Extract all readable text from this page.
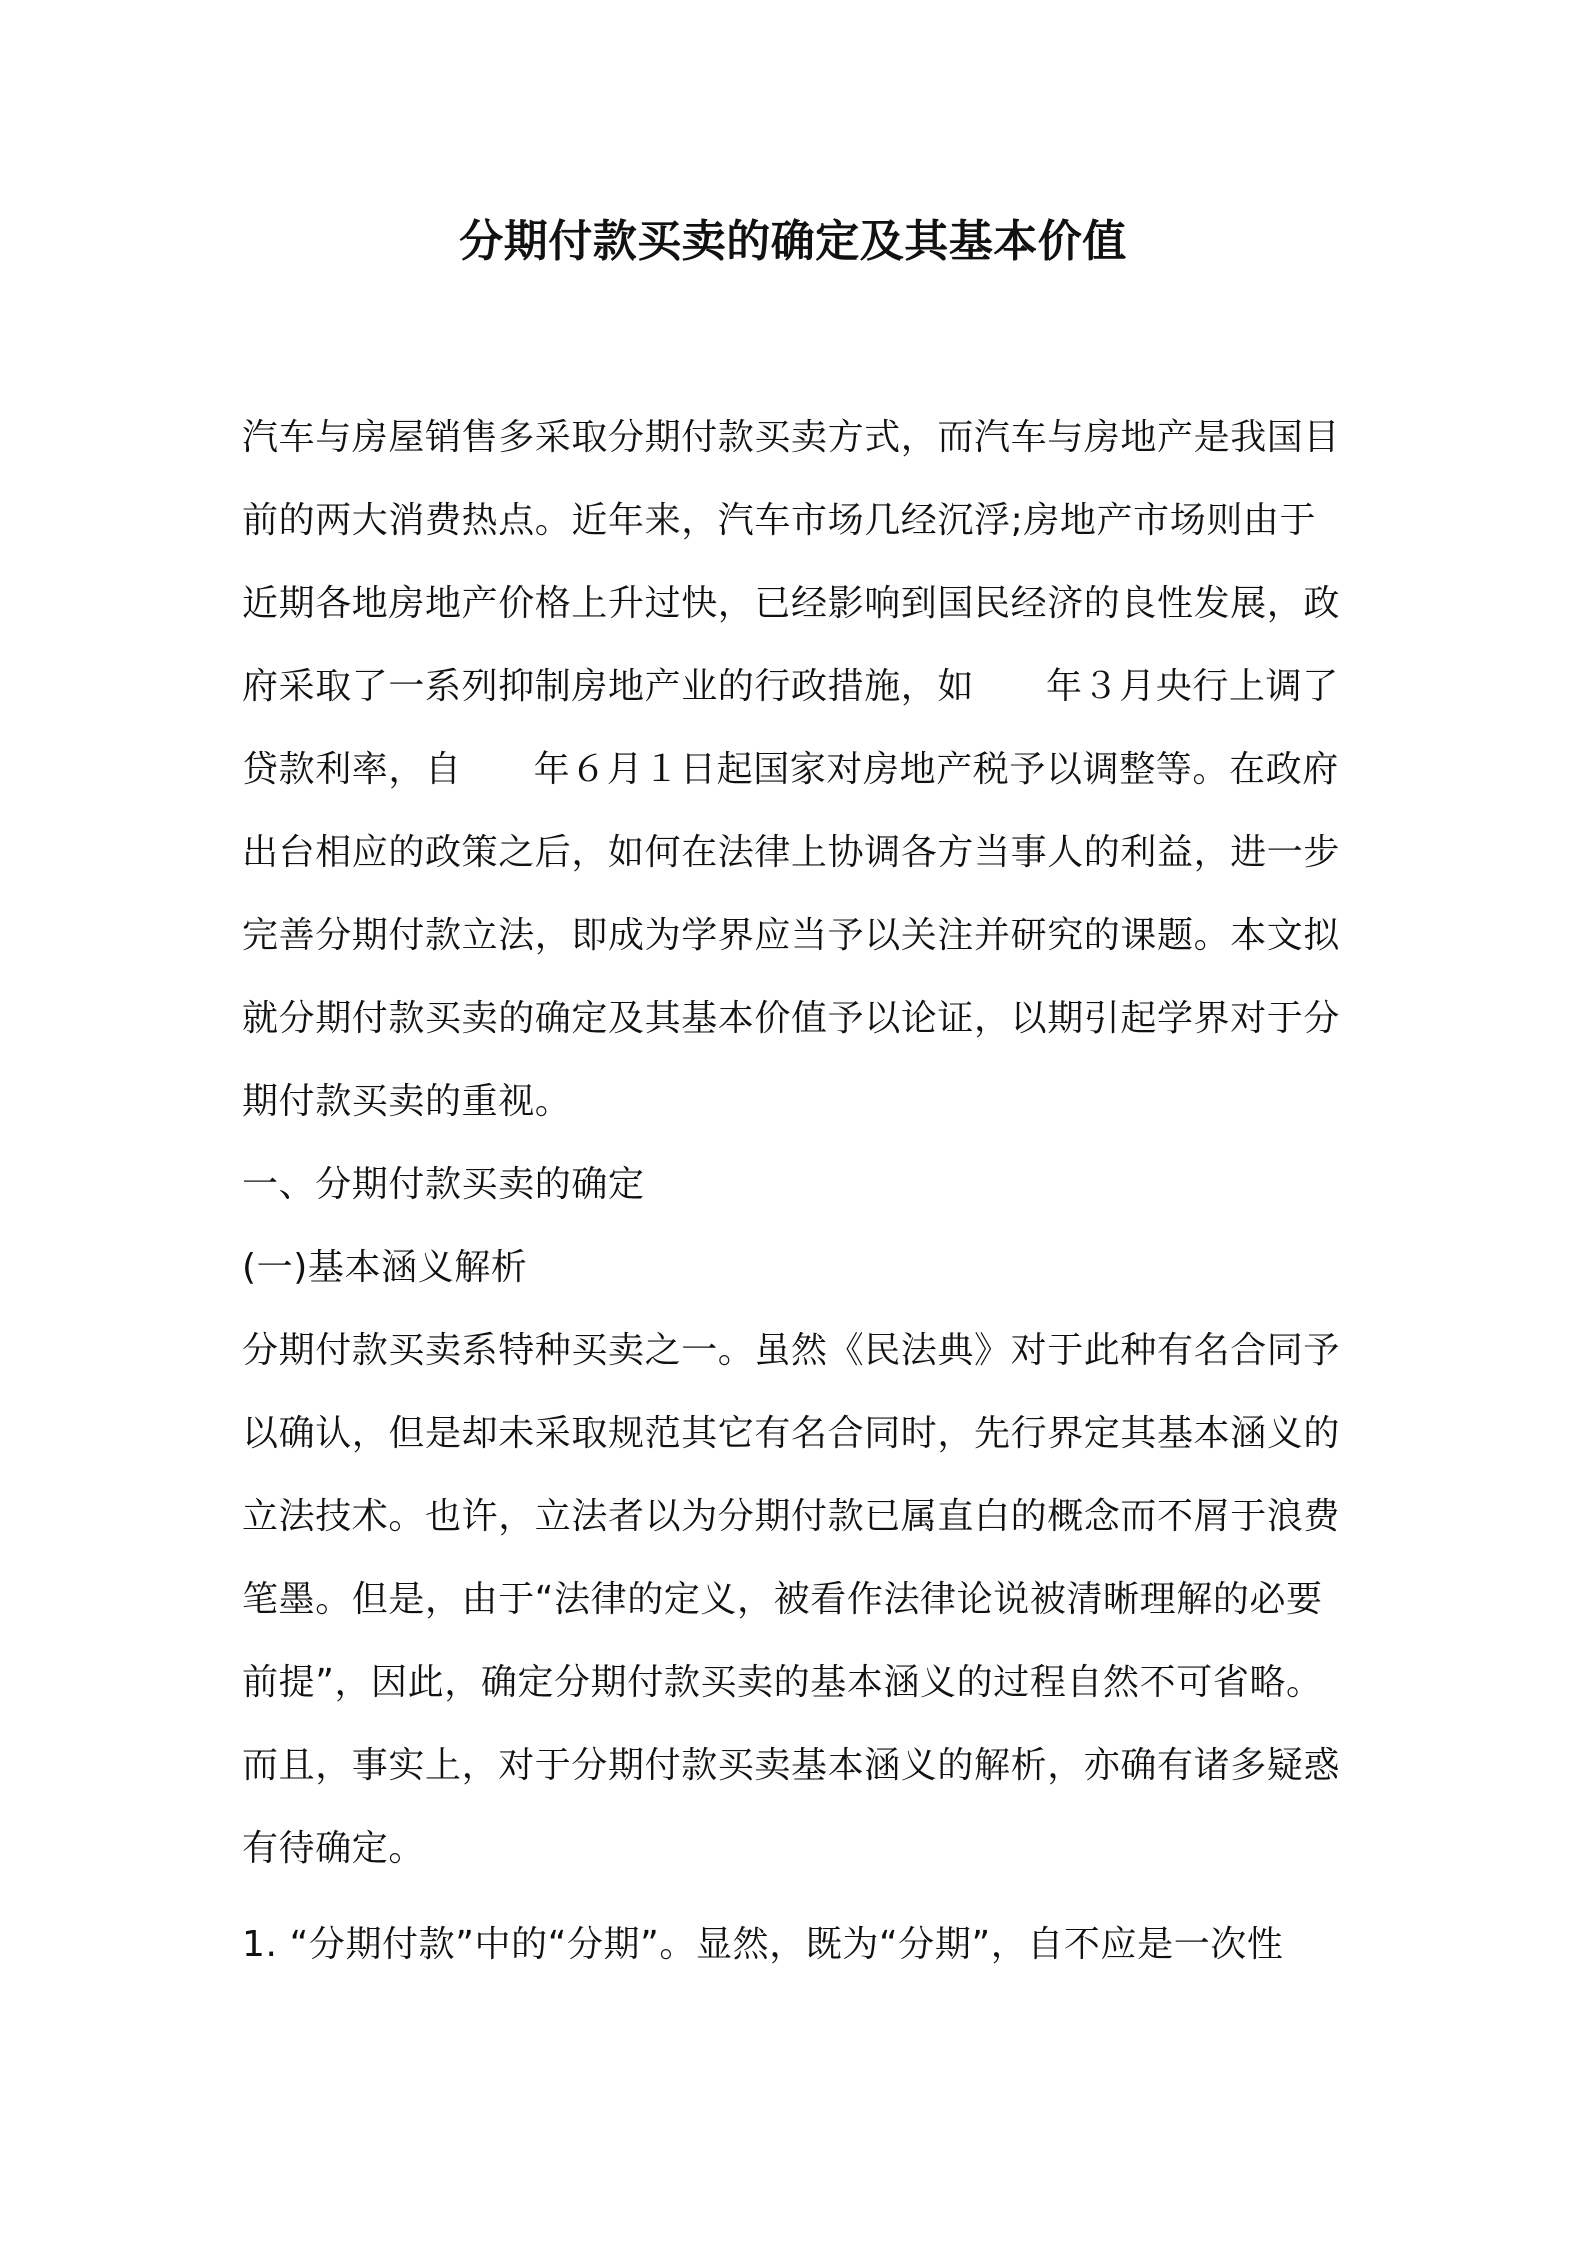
分期付款买卖的确定及其基本价值
汽车与房屋销售多采取分期付款买卖方式，而汽车与房地产是我国目
前的两大消费热点。近年来，汽车市场几经沉浮;房地产市场则由于
近期各地房地产价格上升过快，已经影响到国民经济的良性发展，政
府采取了一系列抑制房地产业的行政措施，如 年３月央行上调了
贷款利率，自 年６月１日起国家对房地产税予以调整等。在政府
出台相应的政策之后，如何在法律上协调各方当事人的利益，进一步
完善分期付款立法，即成为学界应当予以关注并研究的课题。本文拟
就分期付款买卖的确定及其基本价值予以论证，以期引起学界对于分
期付款买卖的重视。
一、分期付款买卖的确定
(一)基本涵义解析
分期付款买卖系特种买卖之一。虽然《民法典》对于此种有名合同予
以确认，但是却未采取规范其它有名合同时，先行界定其基本涵义的
立法技术。也许，立法者以为分期付款已属直白的概念而不屑于浪费
笔墨。但是，由于“法律的定义，被看作法律论说被清晰理解的必要
前提”，因此，确定分期付款买卖的基本涵义的过程自然不可省略。
而且，事实上，对于分期付款买卖基本涵义的解析，亦确有诸多疑惑
有待确定。
1. “分期付款”中的“分期”。显然，既为“分期”，自不应是一次性
